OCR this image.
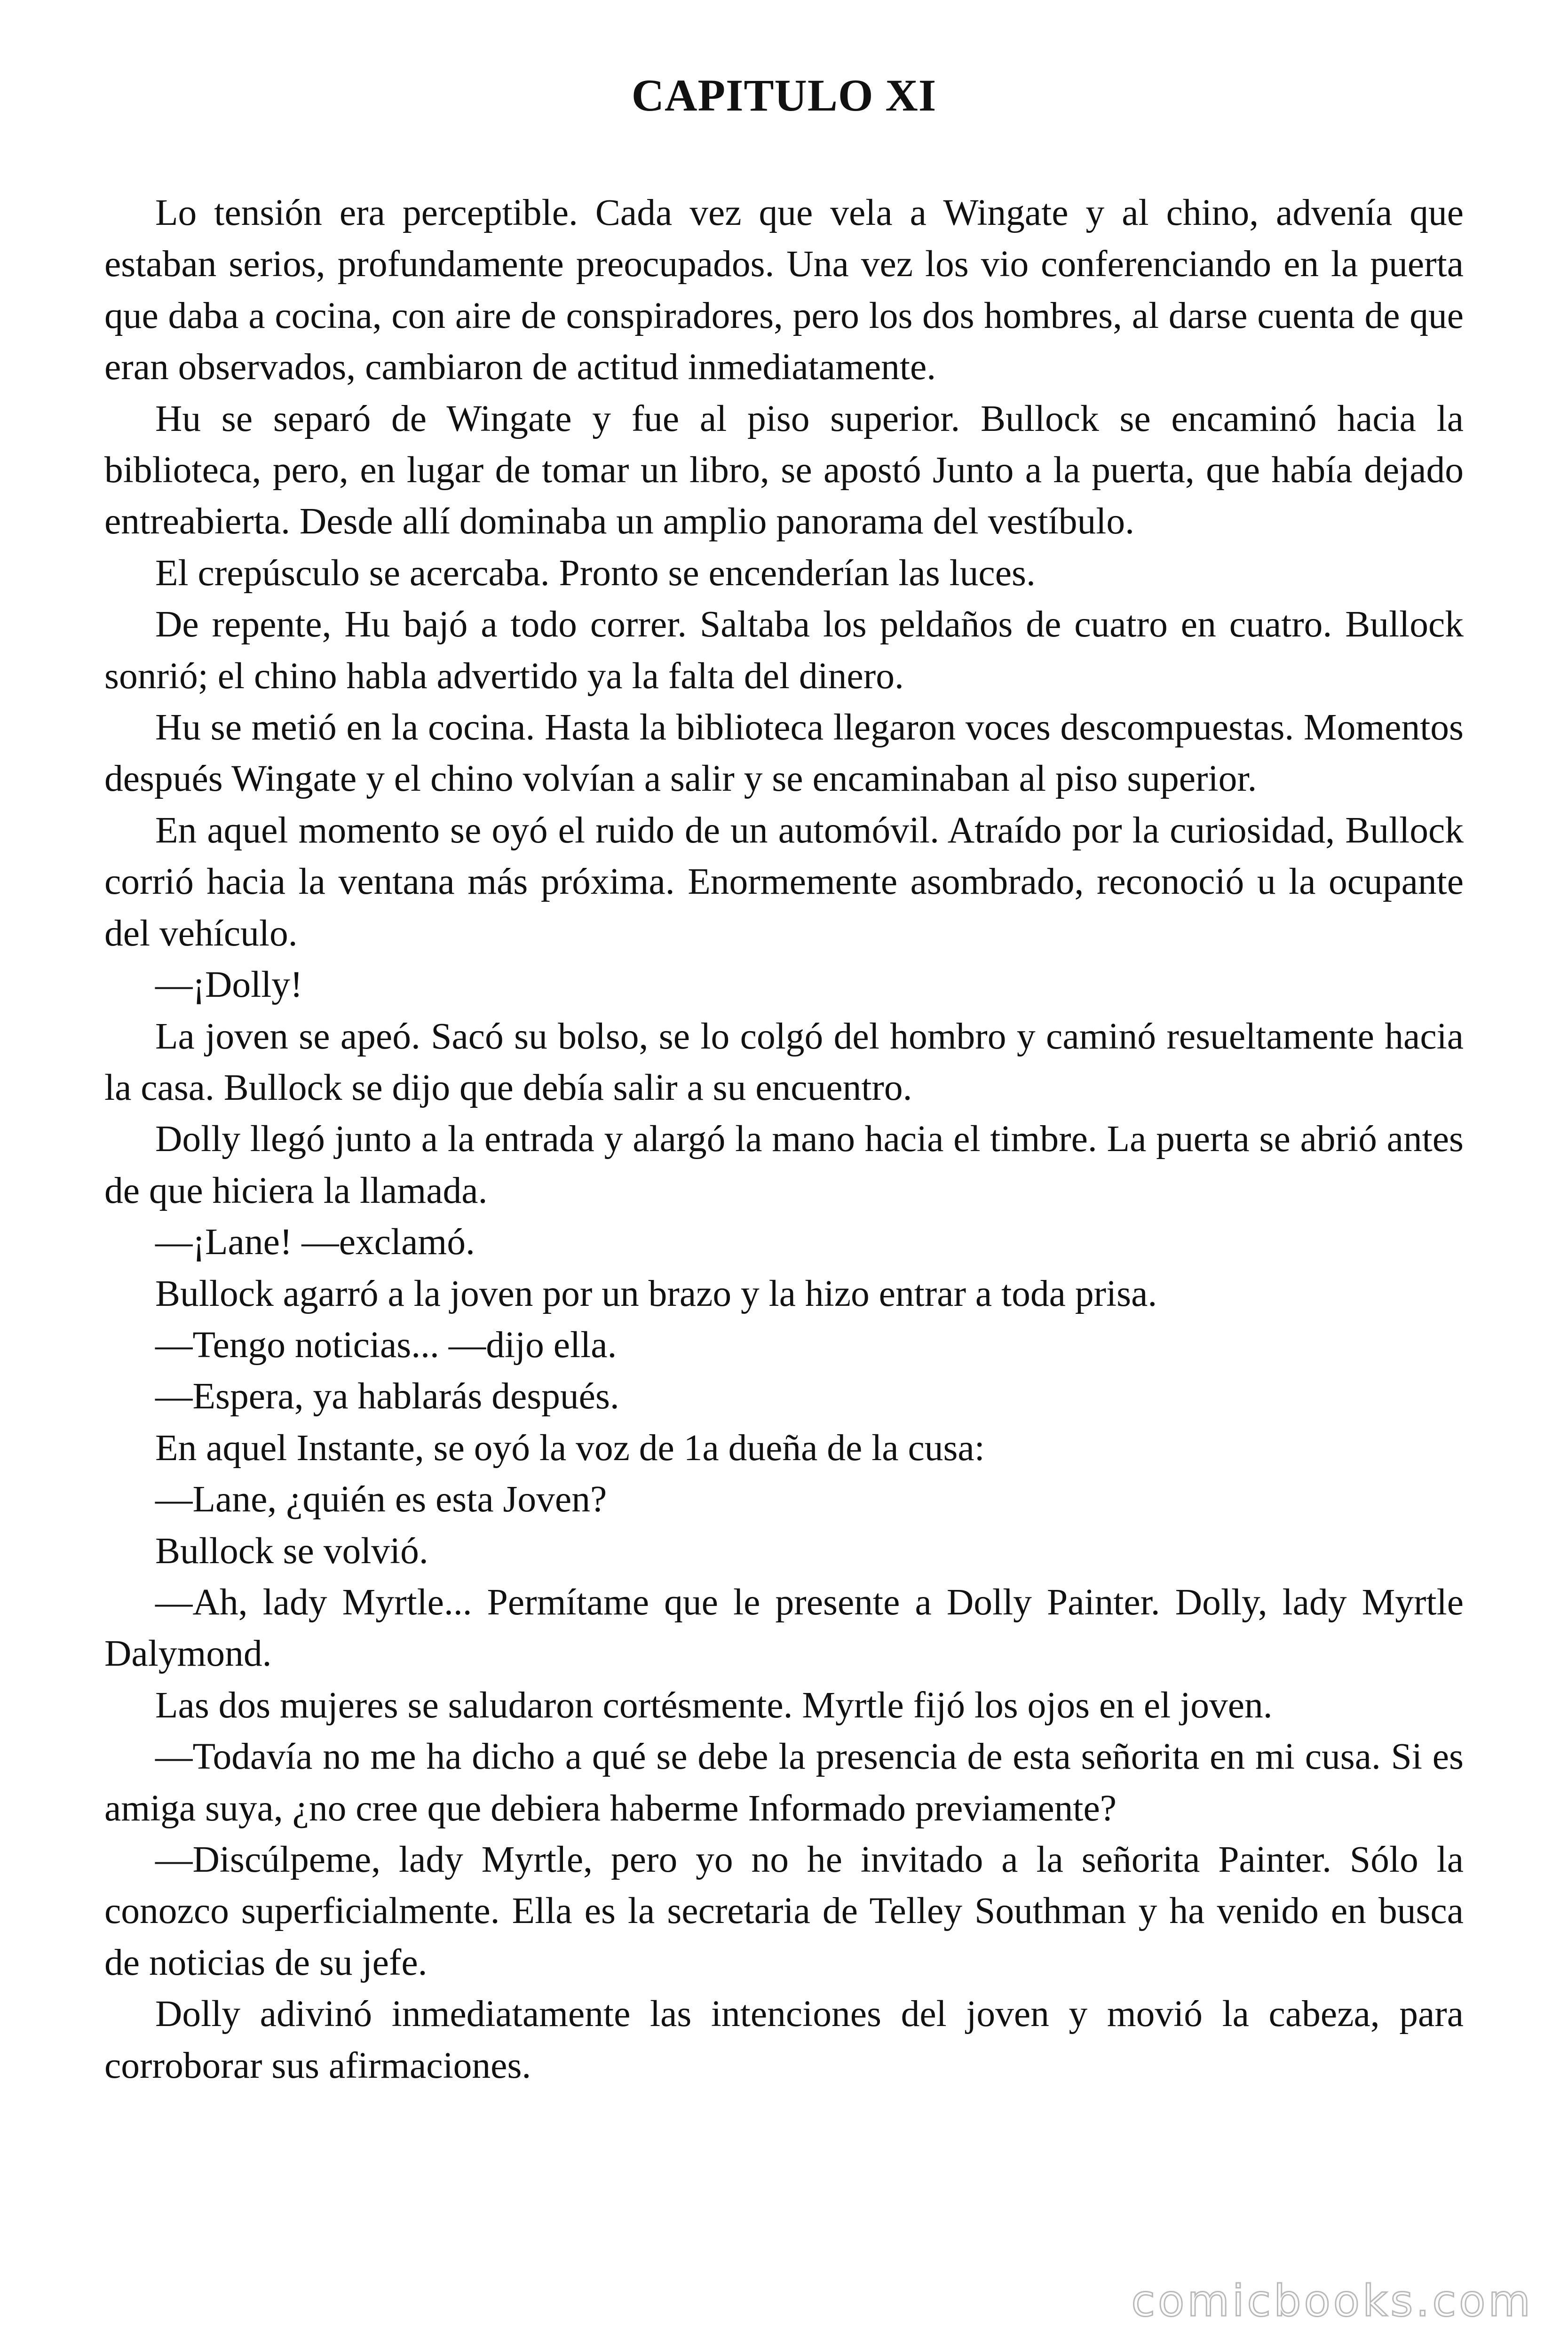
CAPITULO XI

Lo tensión era perceptible. Cada vez que vela a Wingate y al chino, advenía que estaban serios, profundamente preocupados. Una vez los vio conferenciando en la puerta que daba a cocina, con aire de conspiradores, pero los dos hombres, al darse cuenta de que eran observados, cambiaron de actitud inmediatamente.

Hu se separó de Wingate y fue al piso superior. Bullock se encaminó hacia la biblioteca, pero, en lugar de tomar un libro, se apostó Junto a la puerta, que había dejado entreabierta. Desde allí dominaba un amplio panorama del vestíbulo.

El crepúsculo se acercaba. Pronto se encenderían las luces.

De repente, Hu bajó a todo correr. Saltaba los peldaños de cuatro en cuatro. Bullock sonrió; el chino habla advertido ya la falta del dinero.

Hu se metió en la cocina. Hasta la biblioteca llegaron voces descompuestas. Momentos después Wingate y el chino volvían a salir y se encaminaban al piso superior.

En aquel momento se oyó el ruido de un automóvil. Atraído por la curiosidad, Bullock corrió hacia la ventana más próxima. Enormemente asombrado, reconoció u la ocupante del vehículo.

—¡Dolly!

La joven se apeó. Sacó su bolso, se lo colgó del hombro y caminó resueltamente hacia la casa. Bullock se dijo que debía salir a su encuentro.

Dolly llegó junto a la entrada y alargó la mano hacia el timbre. La puerta se abrió antes de que hiciera la llamada.

—¡Lane! —exclamó.

Bullock agarró a la joven por un brazo y la hizo entrar a toda prisa.

—Tengo noticias... —dijo ella.

—Espera, ya hablarás después.

En aquel Instante, se oyó la voz de 1a dueña de la cusa:

—Lane, ¿quién es esta Joven?

Bullock se volvió.

—Ah, lady Myrtle... Permítame que le presente a Dolly Painter. Dolly, lady Myrtle Dalymond.

Las dos mujeres se saludaron cortésmente. Myrtle fijó los ojos en el joven.

—Todavía no me ha dicho a qué se debe la presencia de esta señorita en mi cusa. Si es amiga suya, ¿no cree que debiera haberme Informado previamente?

—Discúlpeme, lady Myrtle, pero yo no he invitado a la señorita Painter. Sólo la conozco superficialmente. Ella es la secretaria de Telley Southman y ha venido en busca de noticias de su jefe.

Dolly adivinó inmediatamente las intenciones del joven y movió la cabeza, para corroborar sus afirmaciones.

comicbooks.com
